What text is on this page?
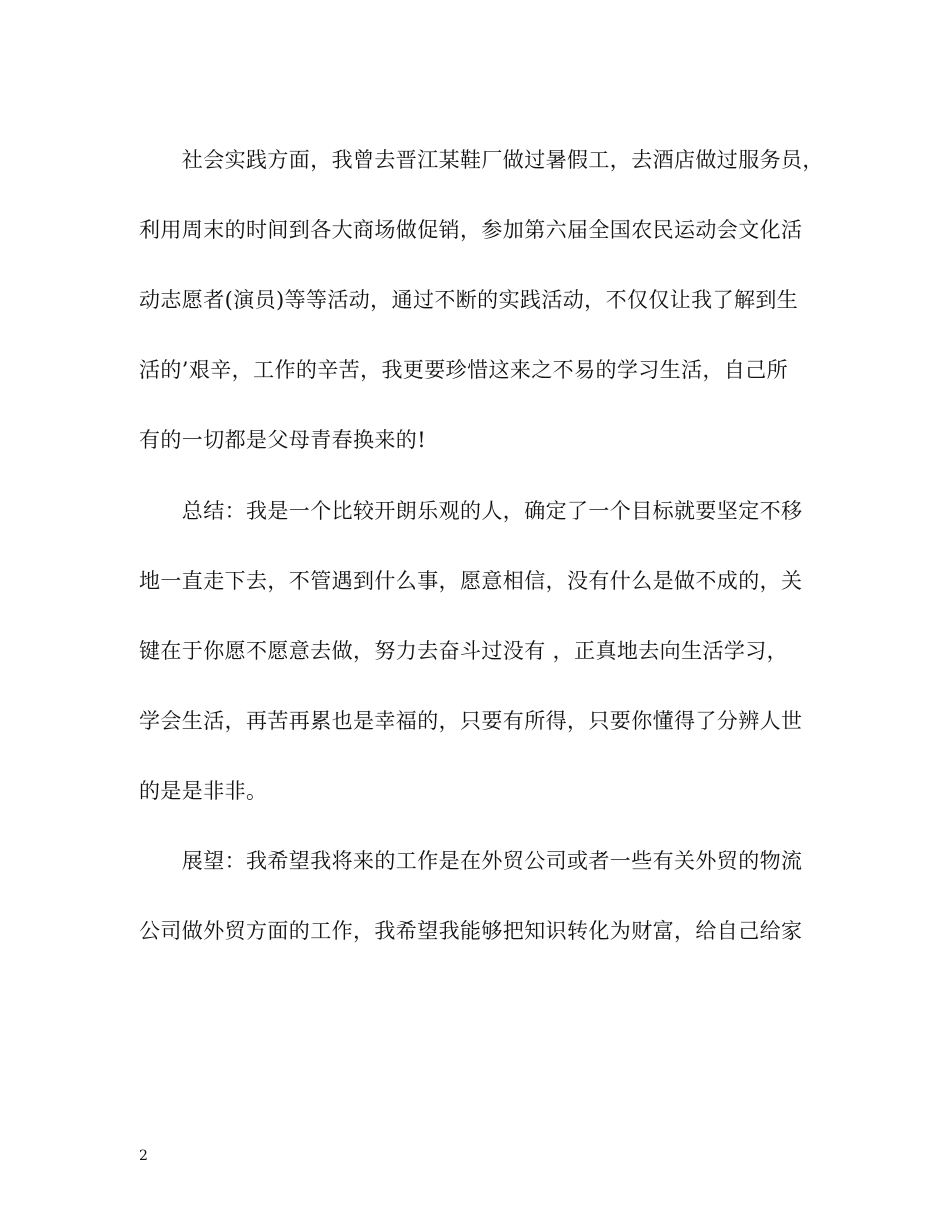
　　社会实践方面，我曾去晋江某鞋厂做过暑假工，去酒店做过服务员，
利用周末的时间到各大商场做促销，参加第六届全国农民运动会文化活
动志愿者(演员)等等活动，通过不断的实践活动，不仅仅让我了解到生
活的’艰辛，工作的辛苦，我更要珍惜这来之不易的学习生活，自己所
有的一切都是父母青春换来的!
　　总结：我是一个比较开朗乐观的人，确定了一个目标就要坚定不移
地一直走下去，不管遇到什么事，愿意相信，没有什么是做不成的，关
键在于你愿不愿意去做，努力去奋斗过没有 ，正真地去向生活学习，
学会生活，再苦再累也是幸福的，只要有所得，只要你懂得了分辨人世
的是是非非。
　　展望：我希望我将来的工作是在外贸公司或者一些有关外贸的物流
公司做外贸方面的工作，我希望我能够把知识转化为财富，给自己给家
2
